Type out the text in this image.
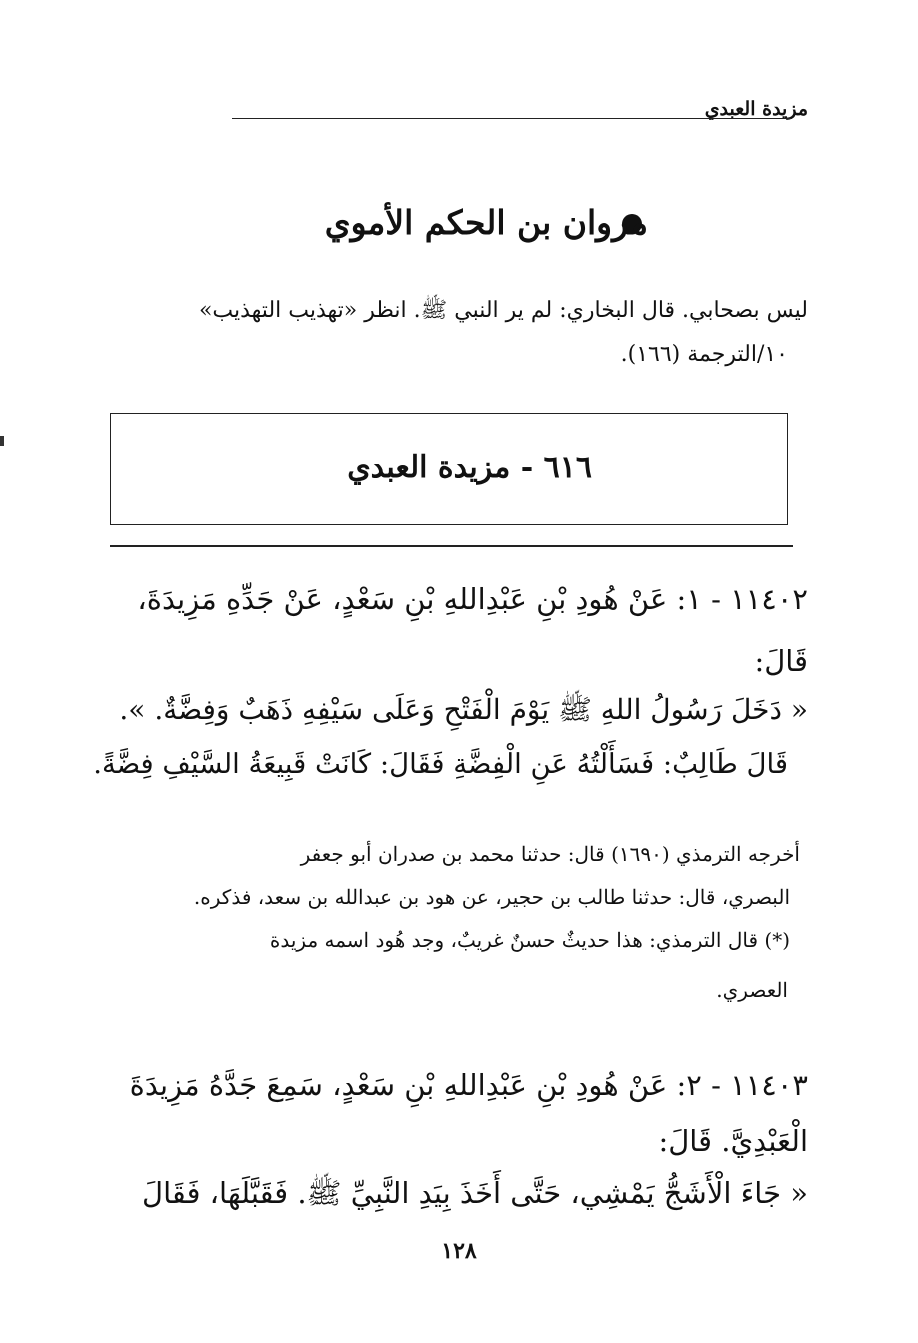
مزيدة العبدي
مروان بن الحكم الأموي
ليس بصحابي. قال البخاري: لم ير النبي ﷺ. انظر «تهذيب التهذيب»
١٠/الترجمة (١٦٦).
٦١٦ - مزيدة العبدي
١١٤٠٢ - ١: عَنْ هُودِ بْنِ عَبْدِاللهِ بْنِ سَعْدٍ، عَنْ جَدِّهِ مَزِيدَةَ،
قَالَ:
« دَخَلَ رَسُولُ اللهِ ﷺ يَوْمَ الْفَتْحِ وَعَلَى سَيْفِهِ ذَهَبٌ وَفِضَّةٌ. ».
قَالَ طَالِبٌ: فَسَأَلْتُهُ عَنِ الْفِضَّةِ فَقَالَ: كَانَتْ قَبِيعَةُ السَّيْفِ فِضَّةً.
أخرجه الترمذي (١٦٩٠) قال: حدثنا محمد بن صدران أبو جعفر
البصري، قال: حدثنا طالب بن حجير، عن هود بن عبدالله بن سعد، فذكره.
(*) قال الترمذي: هذا حديثٌ حسنٌ غريبٌ، وجد هُود اسمه مزيدة
العصري.
١١٤٠٣ - ٢: عَنْ هُودِ بْنِ عَبْدِاللهِ بْنِ سَعْدٍ، سَمِعَ جَدَّهُ مَزِيدَةَ
الْعَبْدِيَّ. قَالَ:
« جَاءَ الْأَشَجُّ يَمْشِي، حَتَّى أَخَذَ بِيَدِ النَّبِيِّ ﷺ. فَقَبَّلَهَا، فَقَالَ
١٢٨
